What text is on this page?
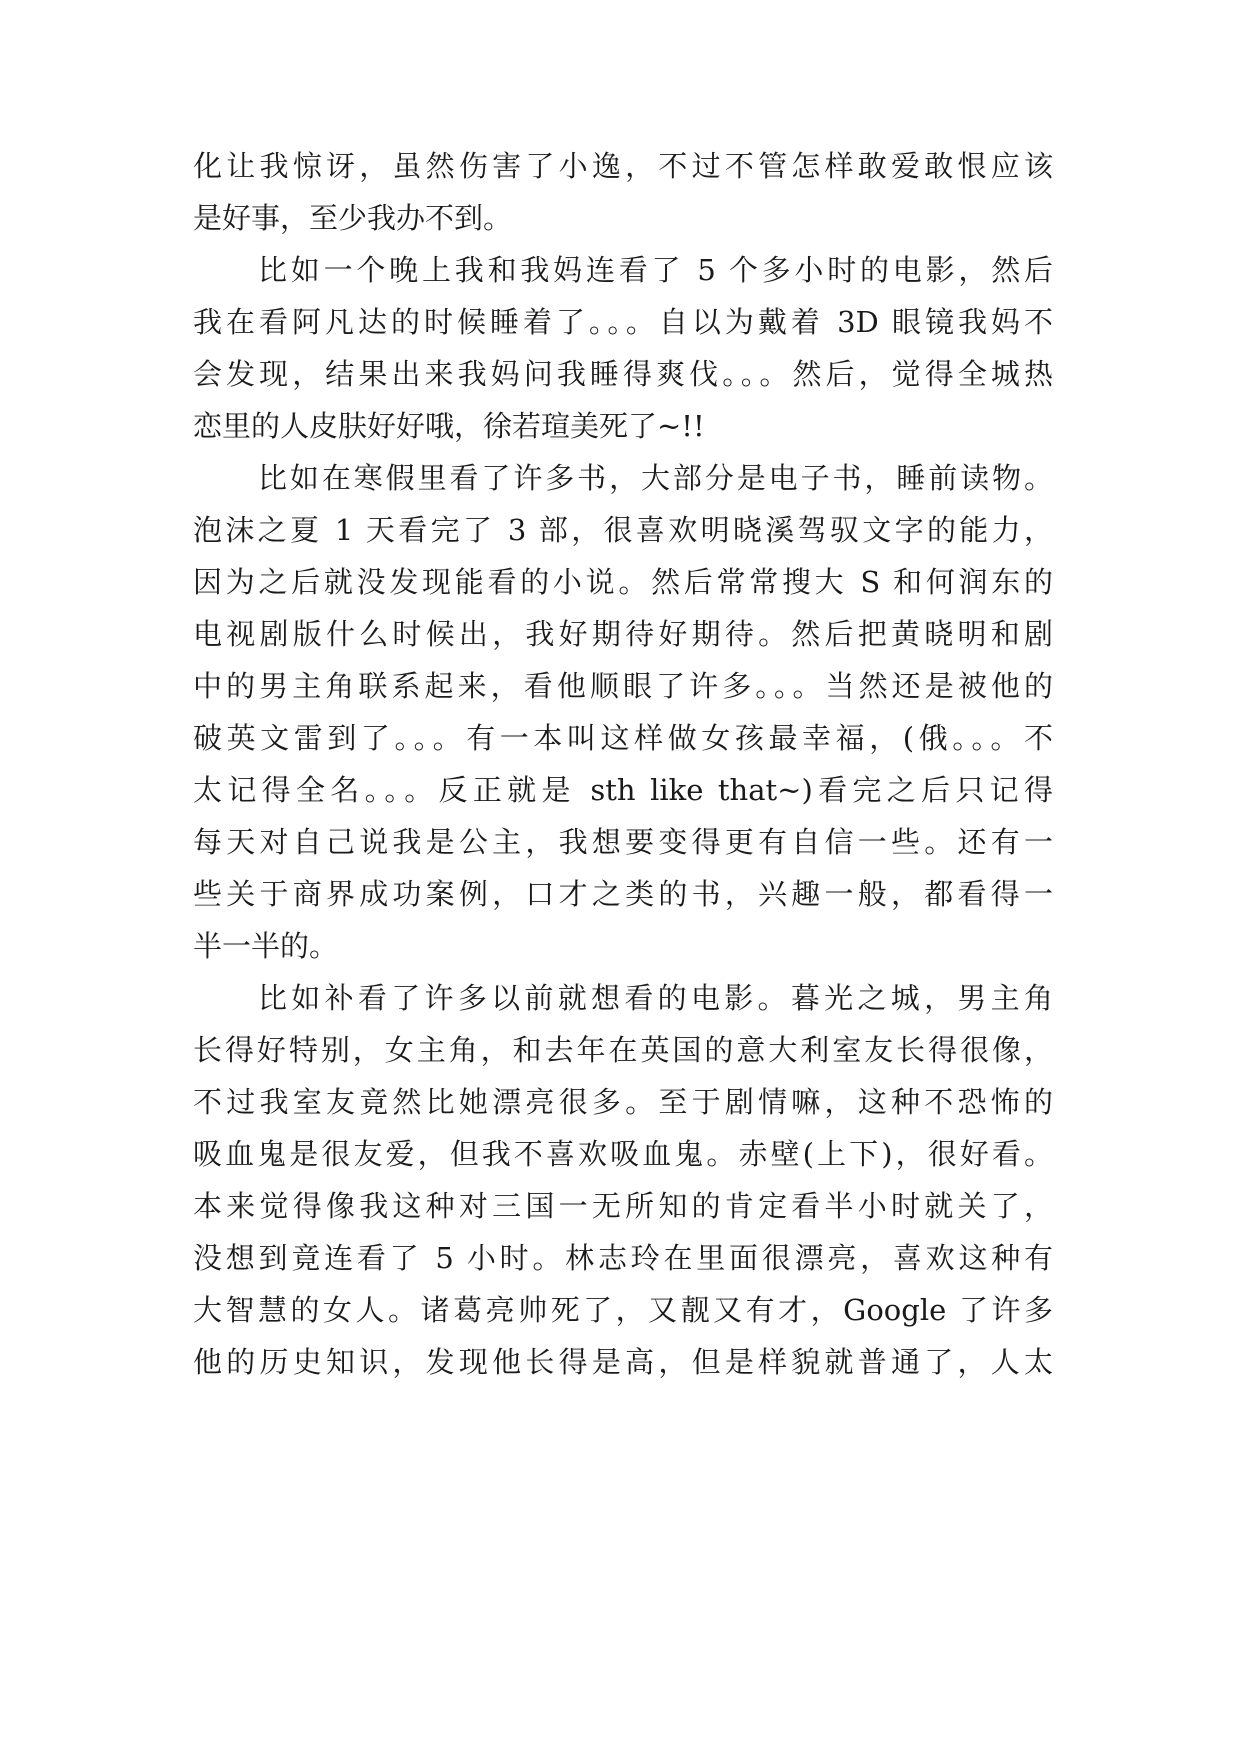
化让我惊讶，虽然伤害了小逸，不过不管怎样敢爱敢恨应该

是好事，至少我办不到。

比如一个晚上我和我妈连看了 5 个多小时的电影，然后

我在看阿凡达的时候睡着了。。。自以为戴着 3D 眼镜我妈不

会发现，结果出来我妈问我睡得爽伐。。。然后，觉得全城热

恋里的人皮肤好好哦，徐若瑄美死了~!!

比如在寒假里看了许多书，大部分是电子书，睡前读物。

泡沫之夏 1 天看完了 3 部，很喜欢明晓溪驾驭文字的能力，

因为之后就没发现能看的小说。然后常常搜大 S 和何润东的

电视剧版什么时候出，我好期待好期待。然后把黄晓明和剧

中的男主角联系起来，看他顺眼了许多。。。当然还是被他的

破英文雷到了。。。有一本叫这样做女孩最幸福，(俄。。。不

太记得全名。。。反正就是 sth like that~)看完之后只记得

每天对自己说我是公主，我想要变得更有自信一些。还有一

些关于商界成功案例，口才之类的书，兴趣一般，都看得一

半一半的。

比如补看了许多以前就想看的电影。暮光之城，男主角

长得好特别，女主角，和去年在英国的意大利室友长得很像，

不过我室友竟然比她漂亮很多。至于剧情嘛，这种不恐怖的

吸血鬼是很友爱，但我不喜欢吸血鬼。赤壁(上下)，很好看。

本来觉得像我这种对三国一无所知的肯定看半小时就关了，

没想到竟连看了 5 小时。林志玲在里面很漂亮，喜欢这种有

大智慧的女人。诸葛亮帅死了，又靓又有才，Google 了许多

他的历史知识，发现他长得是高，但是样貌就普通了，人太
